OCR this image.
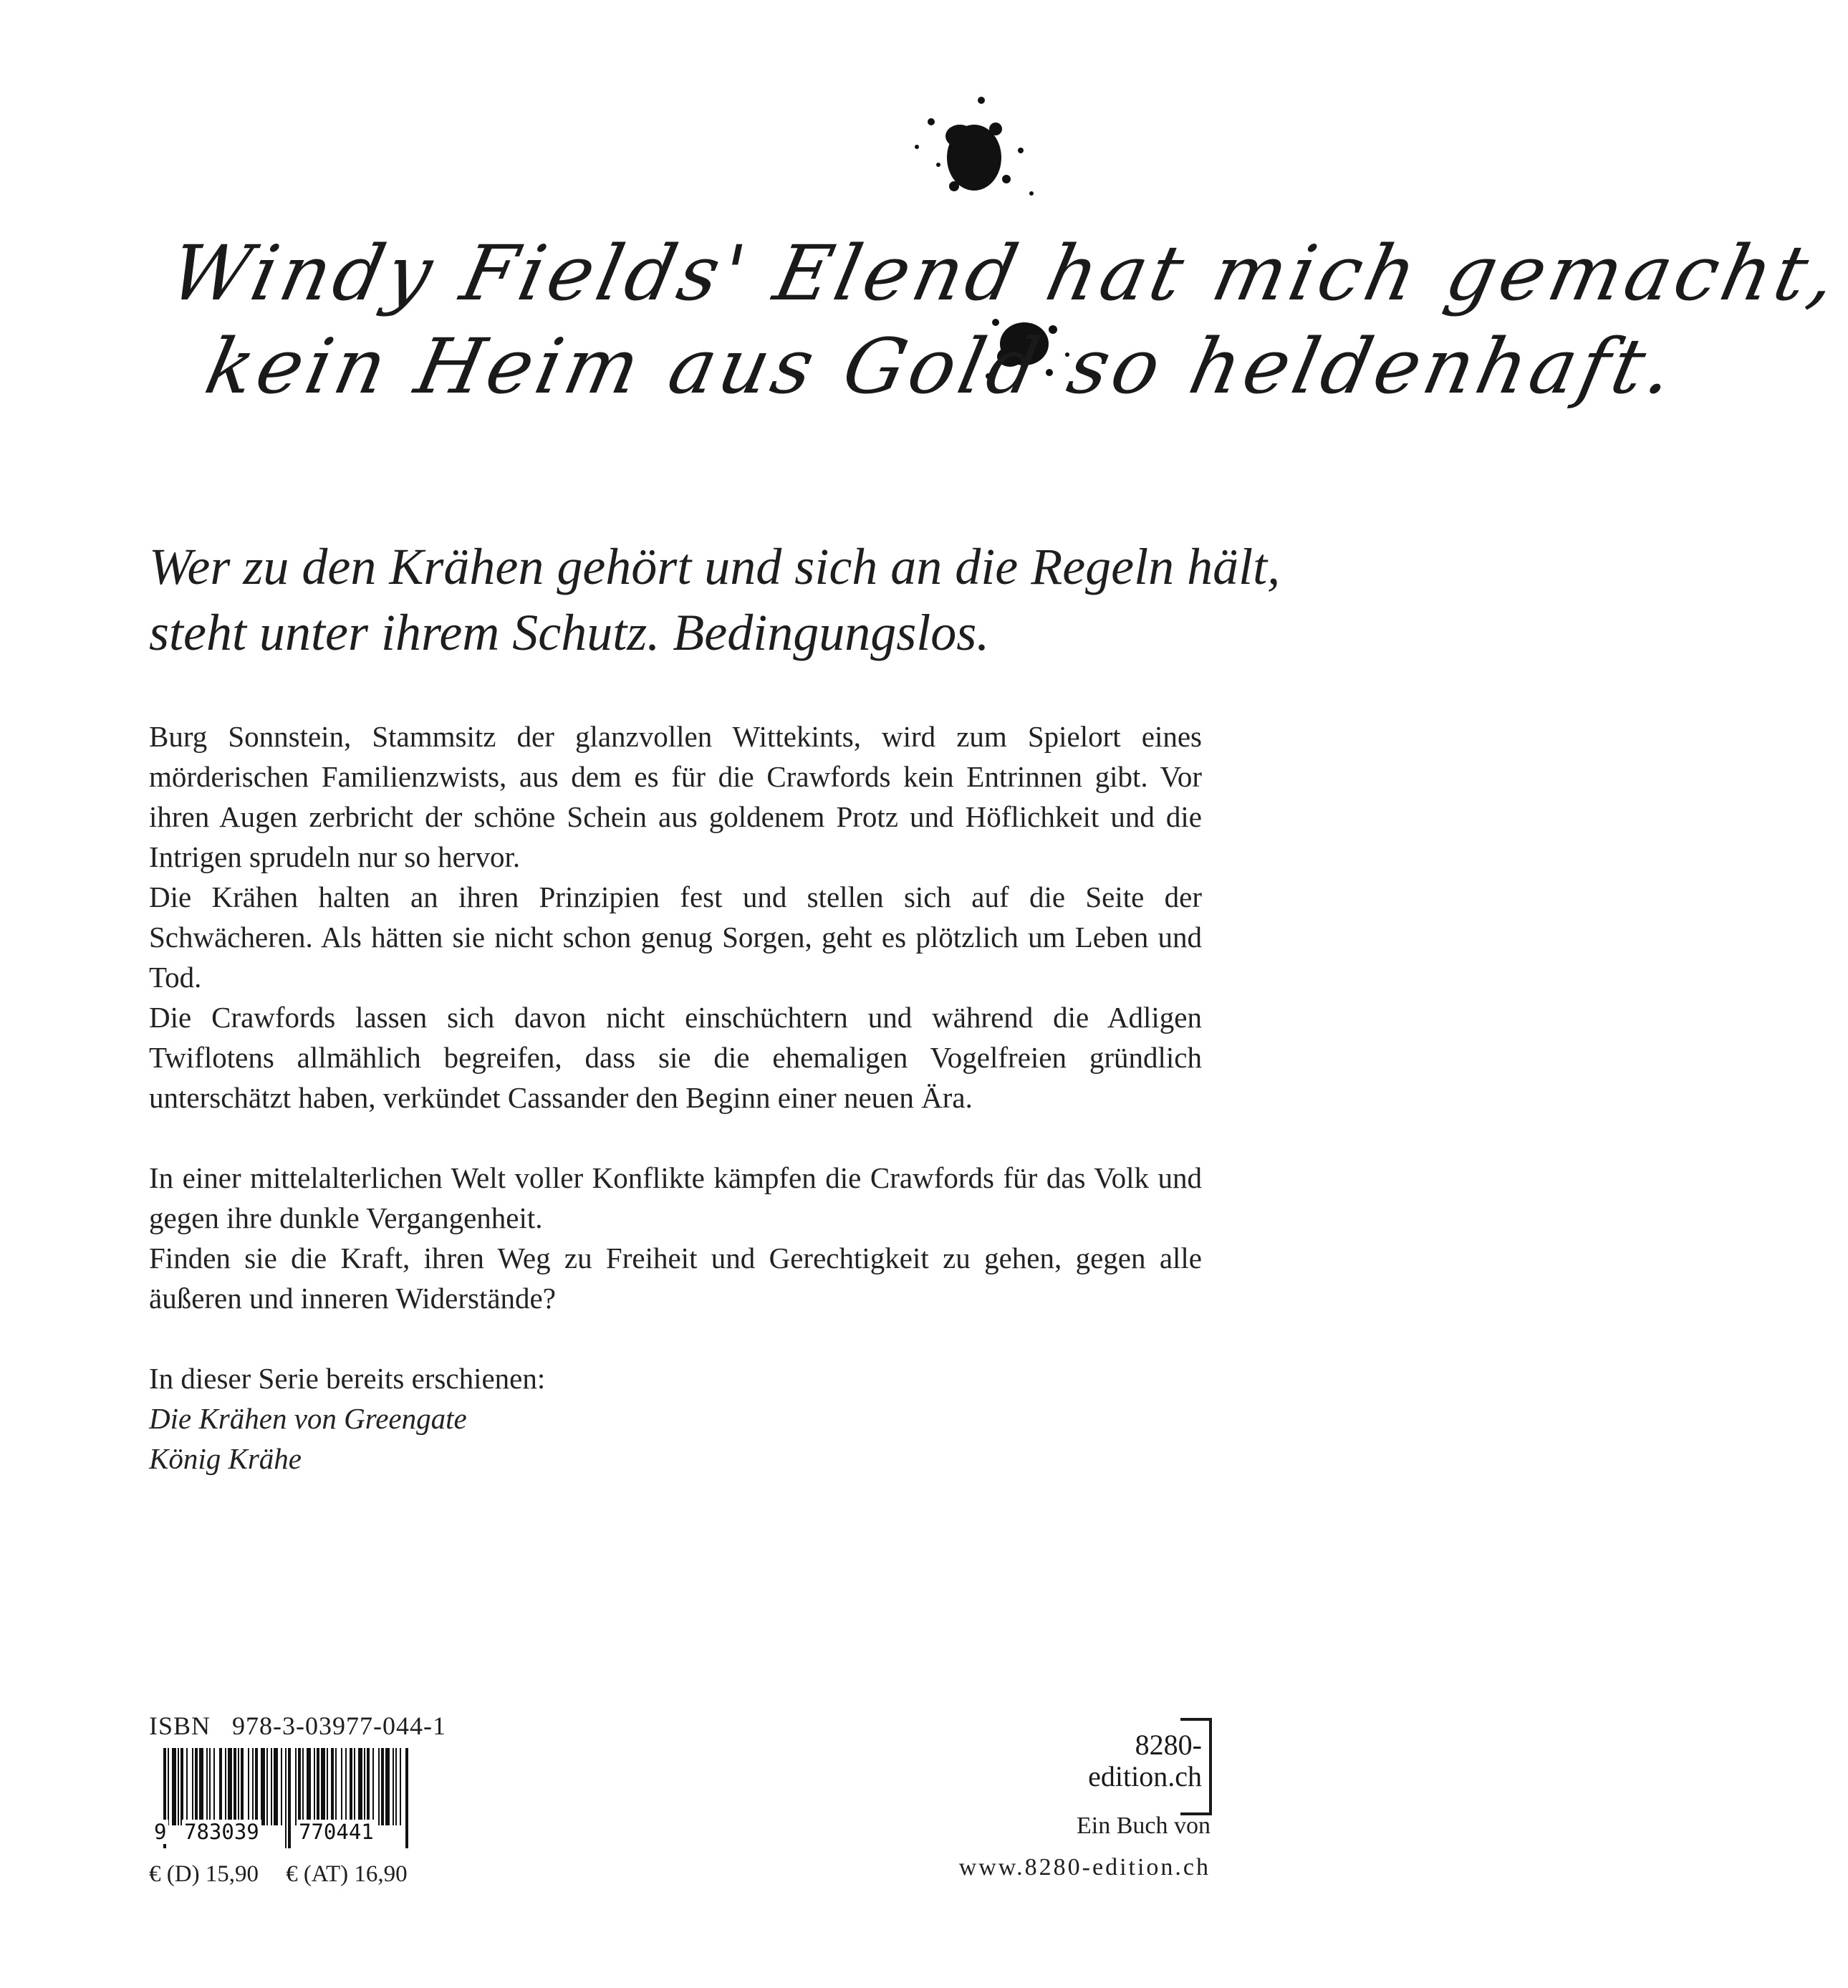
Windy Fields' Elend hat mich gemacht,
kein Heim aus Gold so heldenhaft.
Wer zu den Krähen gehört und sich an die Regeln hält,
steht unter ihrem Schutz. Bedingungslos.

Burg Sonnstein, Stammsitz der glanzvollen Wittekints, wird zum Spielort eines mörderischen Familienzwists, aus dem es für die Crawfords kein Entrinnen gibt. Vor ihren Augen zerbricht der schöne Schein aus goldenem Protz und Höflichkeit und die Intrigen sprudeln nur so hervor.

Die Krähen halten an ihren Prinzipien fest und stellen sich auf die Seite der Schwächeren. Als hätten sie nicht schon genug Sorgen, geht es plötzlich um Leben und Tod.

Die Crawfords lassen sich davon nicht einschüchtern und während die Adligen Twiflotens allmählich begreifen, dass sie die ehemaligen Vogelfreien gründlich unterschätzt haben, verkündet Cassander den Beginn einer neuen Ära.

In einer mittelalterlichen Welt voller Konflikte kämpfen die Crawfords für das Volk und gegen ihre dunkle Vergangenheit.

Finden sie die Kraft, ihren Weg zu Freiheit und Gerechtigkeit zu gehen, gegen alle äußeren und inneren Widerstände?

In dieser Serie bereits erschienen:

Die Krähen von Greengate

König Krähe

ISBN 978-3-03977-044-1
9 783039 770441
€ (D) 15,90 € (AT) 16,90
8280-
edition.ch
Ein Buch von
www.8280-edition.ch
